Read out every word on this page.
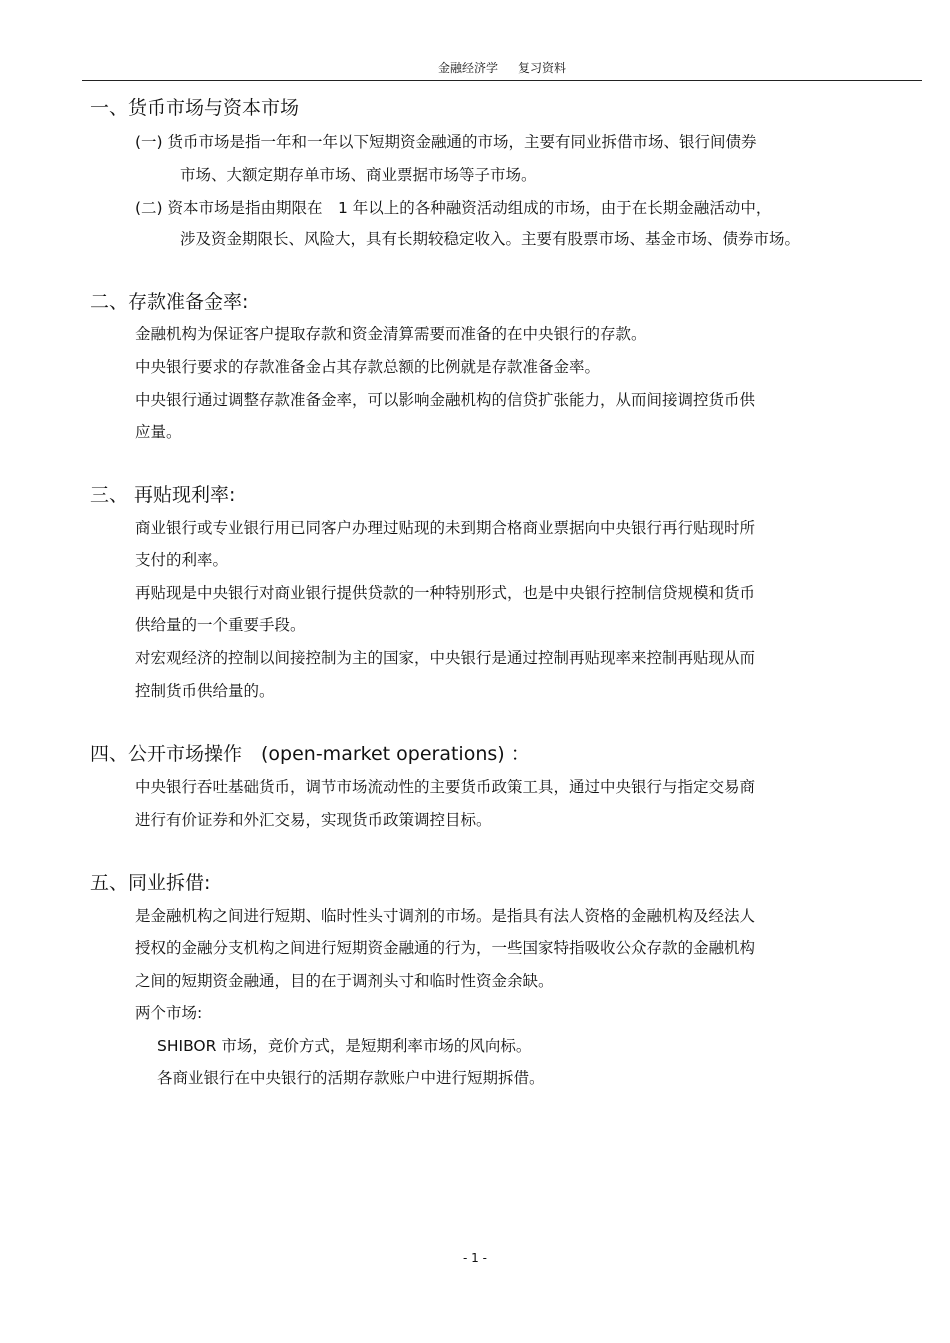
金融经济学 复习资料
一、货币市场与资本市场
(一) 货币市场是指一年和一年以下短期资金融通的市场，主要有同业拆借市场、银行间债券
市场、大额定期存单市场、商业票据市场等子市场。
(二) 资本市场是指由期限在　1 年以上的各种融资活动组成的市场，由于在长期金融活动中，
涉及资金期限长、风险大，具有长期较稳定收入。主要有股票市场、基金市场、债券市场。
二、存款准备金率:
金融机构为保证客户提取存款和资金清算需要而准备的在中央银行的存款。
中央银行要求的存款准备金占其存款总额的比例就是存款准备金率。
中央银行通过调整存款准备金率，可以影响金融机构的信贷扩张能力，从而间接调控货币供
应量。
三、 再贴现利率:
商业银行或专业银行用已同客户办理过贴现的未到期合格商业票据向中央银行再行贴现时所
支付的利率。
再贴现是中央银行对商业银行提供贷款的一种特别形式，也是中央银行控制信贷规模和货币
供给量的一个重要手段。
对宏观经济的控制以间接控制为主的国家，中央银行是通过控制再贴现率来控制再贴现从而
控制货币供给量的。
四、公开市场操作　(open-market operations) ：
中央银行吞吐基础货币，调节市场流动性的主要货币政策工具，通过中央银行与指定交易商
进行有价证券和外汇交易，实现货币政策调控目标。
五、同业拆借:
是金融机构之间进行短期、临时性头寸调剂的市场。是指具有法人资格的金融机构及经法人
授权的金融分支机构之间进行短期资金融通的行为，一些国家特指吸收公众存款的金融机构
之间的短期资金融通，目的在于调剂头寸和临时性资金余缺。
两个市场:
SHIBOR 市场，竞价方式，是短期利率市场的风向标。
各商业银行在中央银行的活期存款账户中进行短期拆借。
- 1 -
